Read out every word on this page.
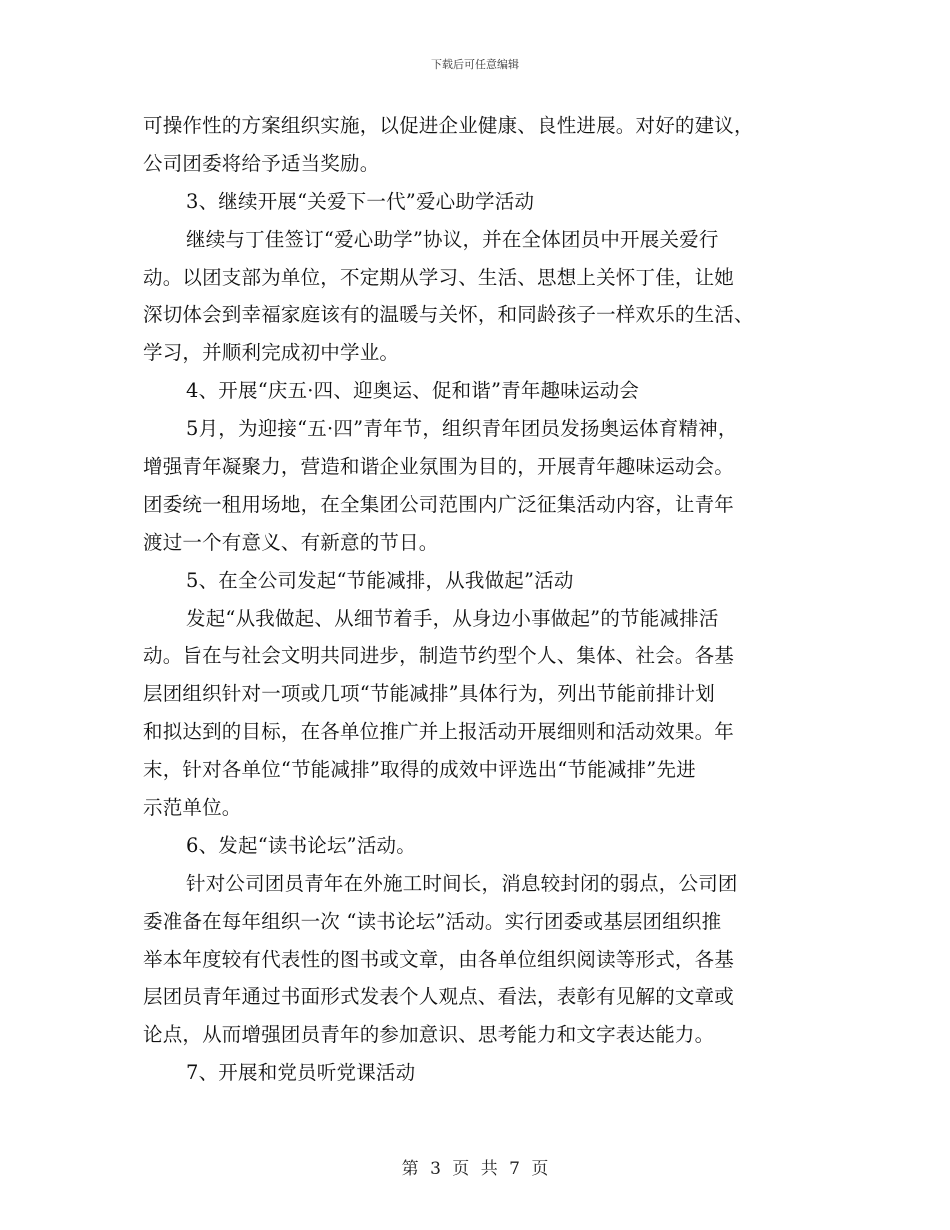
下载后可任意编辑
可操作性的方案组织实施，以促进企业健康、良性进展。对好的建议，
公司团委将给予适当奖励。
3、继续开展“关爱下一代”爱心助学活动
继续与丁佳签订“爱心助学”协议，并在全体团员中开展关爱行
动。以团支部为单位，不定期从学习、生活、思想上关怀丁佳，让她
深切体会到幸福家庭该有的温暖与关怀，和同龄孩子一样欢乐的生活、
学习，并顺利完成初中学业。
4、开展“庆五·四、迎奥运、促和谐”青年趣味运动会
5月，为迎接“五·四”青年节，组织青年团员发扬奥运体育精神，
增强青年凝聚力，营造和谐企业氛围为目的，开展青年趣味运动会。
团委统一租用场地，在全集团公司范围内广泛征集活动内容，让青年
渡过一个有意义、有新意的节日。
5、在全公司发起“节能减排，从我做起”活动
发起“从我做起、从细节着手，从身边小事做起”的节能减排活
动。旨在与社会文明共同进步，制造节约型个人、集体、社会。各基
层团组织针对一项或几项“节能减排”具体行为，列出节能前排计划
和拟达到的目标，在各单位推广并上报活动开展细则和活动效果。年
末，针对各单位“节能减排”取得的成效中评选出“节能减排”先进
示范单位。
6、发起“读书论坛”活动。
针对公司团员青年在外施工时间长，消息较封闭的弱点，公司团
委准备在每年组织一次 “读书论坛”活动。实行团委或基层团组织推
举本年度较有代表性的图书或文章，由各单位组织阅读等形式，各基
层团员青年通过书面形式发表个人观点、看法，表彰有见解的文章或
论点，从而增强团员青年的参加意识、思考能力和文字表达能力。
7、开展和党员听党课活动
第 3 页 共 7 页
